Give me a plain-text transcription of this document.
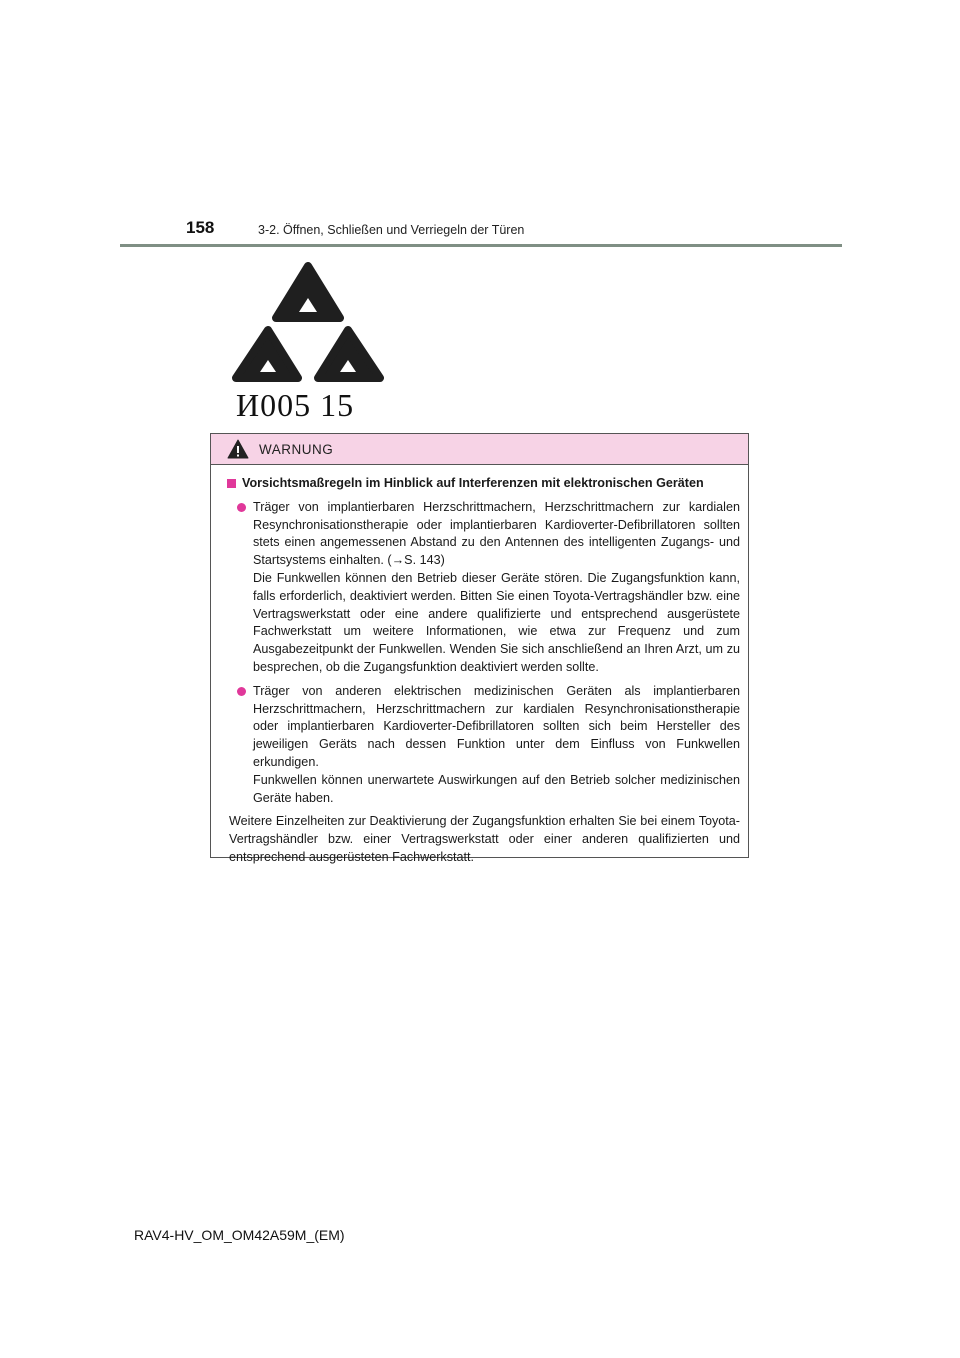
158	3-2. Öffnen, Schließen und Verriegeln der Türen
И005 15
WARNUNG
Vorsichtsmaßregeln im Hinblick auf Interferenzen mit elektronischen Geräten

Träger von implantierbaren Herzschrittmachern, Herzschrittmachern zur kardialen Resynchronisationstherapie oder implantierbaren Kardioverter-Defibrillatoren sollten stets einen angemessenen Abstand zu den Antennen des intelligenten Zugangs- und Startsystems einhalten. (→S. 143)

Die Funkwellen können den Betrieb dieser Geräte stören. Die Zugangsfunktion kann, falls erforderlich, deaktiviert werden. Bitten Sie einen Toyota-Vertragshändler bzw. eine Vertragswerkstatt oder eine andere qualifizierte und entsprechend ausgerüstete Fachwerkstatt um weitere Informationen, wie etwa zur Frequenz und zum Ausgabezeitpunkt der Funkwellen. Wenden Sie sich anschließend an Ihren Arzt, um zu besprechen, ob die Zugangsfunktion deaktiviert werden sollte.

Träger von anderen elektrischen medizinischen Geräten als implantierbaren Herzschrittmachern, Herzschrittmachern zur kardialen Resynchronisationstherapie oder implantierbaren Kardioverter-Defibrillatoren sollten sich beim Hersteller des jeweiligen Geräts nach dessen Funktion unter dem Einfluss von Funkwellen erkundigen.

Funkwellen können unerwartete Auswirkungen auf den Betrieb solcher medizinischen Geräte haben.

Weitere Einzelheiten zur Deaktivierung der Zugangsfunktion erhalten Sie bei einem Toyota-Vertragshändler bzw. einer Vertragswerkstatt oder einer anderen qualifizierten und entsprechend ausgerüsteten Fachwerkstatt.

RAV4-HV_OM_OM42A59M_(EM)
